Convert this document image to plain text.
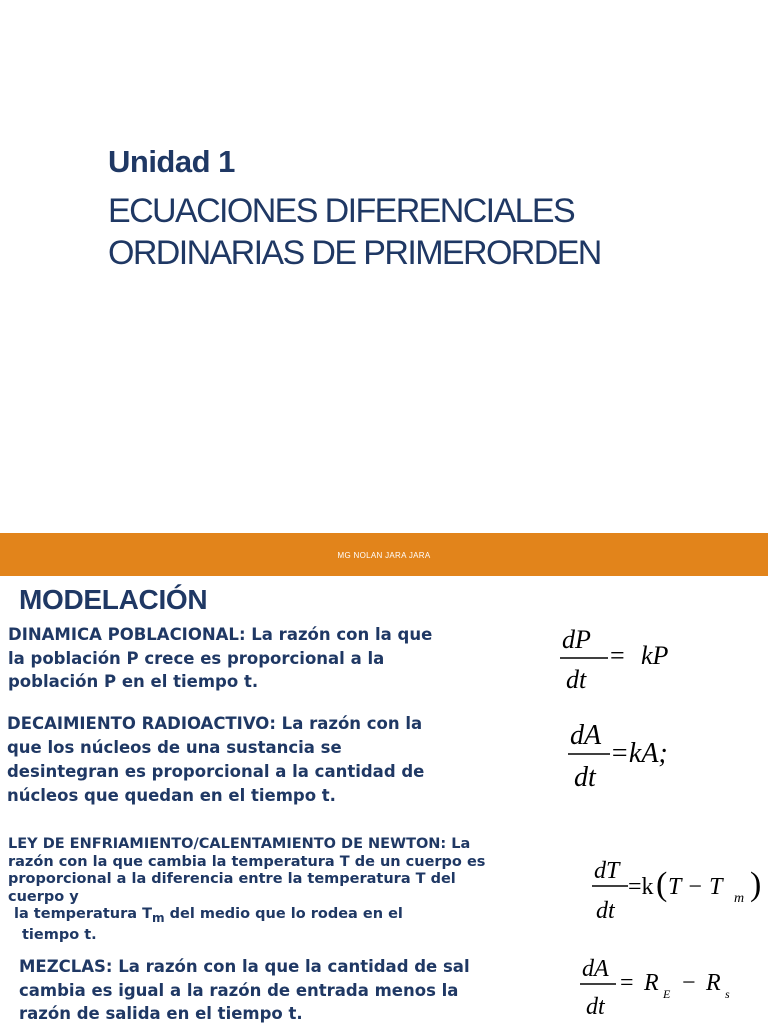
Unidad 1
ECUACIONES DIFERENCIALES
ORDINARIAS DE PRIMERORDEN
MG NOLAN JARA JARA
MODELACIÓN
DINAMICA POBLACIONAL: La razón con la que
la población P crece es proporcional a la
población P en el tiempo t.
DECAIMIENTO RADIOACTIVO: La razón con la
que los núcleos de una sustancia se
desintegran es proporcional a la cantidad de
núcleos que quedan en el tiempo t.
LEY DE ENFRIAMIENTO/CALENTAMIENTO DE NEWTON: La
razón con la que cambia la temperatura T de un cuerpo es
proporcional a la diferencia entre la temperatura T del
cuerpo y
la temperatura $T_m$ del medio que lo rodea en el
tiempo t.
MEZCLAS: La razón con la que la cantidad de sal
cambia es igual a la razón de entrada menos la
razón de salida en el tiempo t.
dP
dt
= kP
dA
dt
=kA;
dT
dt
=k ( T − T m )
dA
dt
= R E − R s
